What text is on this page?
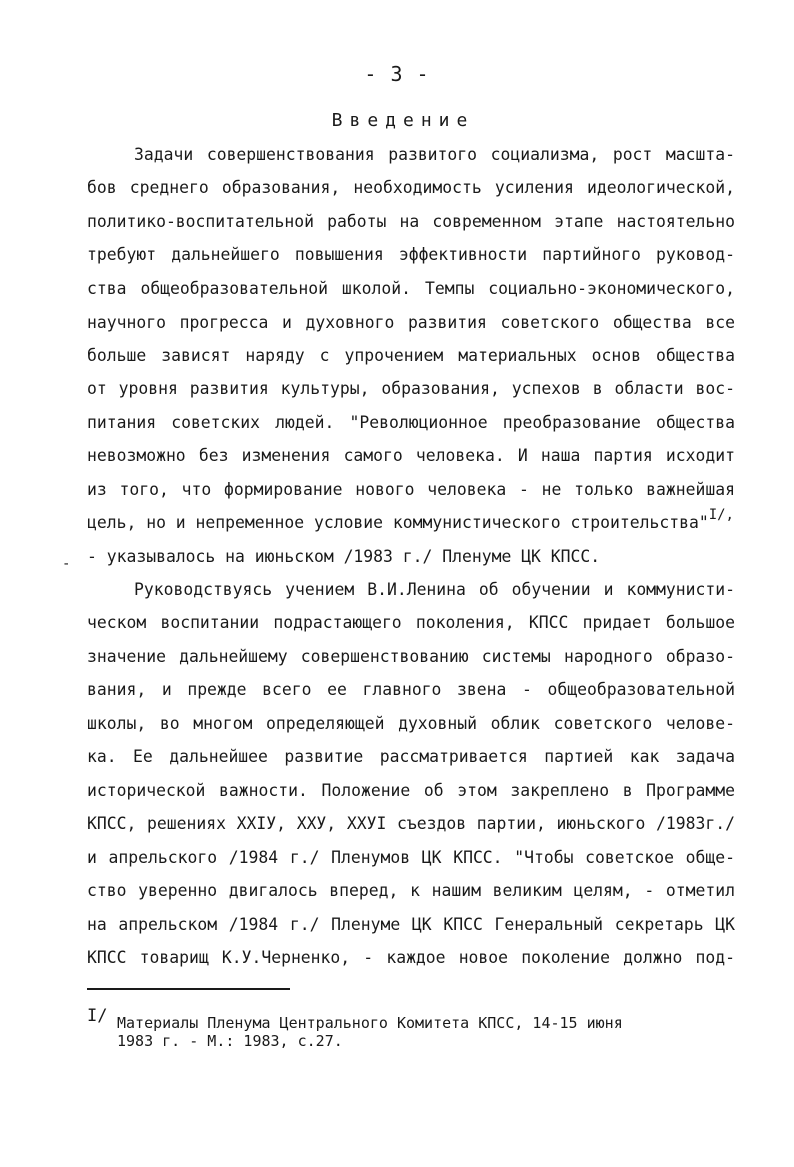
- 3 -
Введение
Задачи совершенствования развитого социализма, рост масшта-
бов среднего образования, необходимость усиления идеологической,
политико-воспитательной работы на современном этапе настоятельно
требуют дальнейшего повышения эффективности партийного руковод-
ства общеобразовательной школой. Темпы социально-экономического,
научного прогресса и духовного развития советского общества все
больше зависят наряду с упрочением материальных основ общества
от уровня развития культуры, образования, успехов в области вос-
питания советских людей. "Революционное преобразование общества
невозможно без изменения самого человека. И наша партия исходит
из того, что формирование нового человека - не только важнейшая
цель, но и непременное условие коммунистического строительства"I/,
- - указывалось на июньском /1983 г./ Пленуме ЦК КПСС.
Руководствуясь учением В.И.Ленина об обучении и коммунисти-
ческом воспитании подрастающего поколения, КПСС придает большое
значение дальнейшему совершенствованию системы народного образо-
вания, и прежде всего ее главного звена - общеобразовательной
школы, во многом определяющей духовный облик советского челове-
ка. Ее дальнейшее развитие рассматривается партией как задача
исторической важности. Положение об этом закреплено в Программе
КПСС, решениях XXIУ, XXУ, XXУI съездов партии, июньского /1983г./
и апрельского /1984 г./ Пленумов ЦК КПСС. "Чтобы советское обще-
ство уверенно двигалось вперед, к нашим великим целям, - отметил
на апрельском /1984 г./ Пленуме ЦК КПСС Генеральный секретарь ЦК
КПСС товарищ К.У.Черненко, - каждое новое поколение должно под-
I/ Материалы Пленума Центрального Комитета КПСС, 14-15 июня
1983 г. - М.: 1983, с.27.
